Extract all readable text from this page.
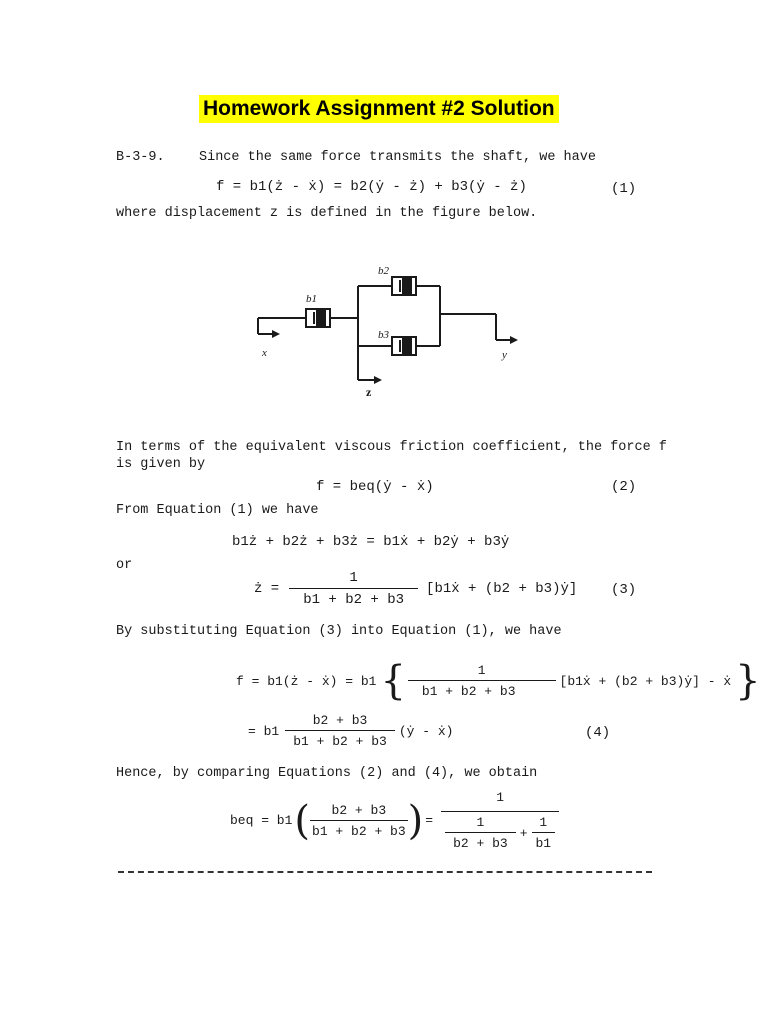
Homework Assignment #2 Solution
B-3-9.	Since the same force transmits the shaft, we have
f = b1(ż - ẋ) = b2(ẏ - ż) + b3(ẏ - ż)	(1)
where displacement z is defined in the figure below.
b1
b2
b3
x	y
z
In terms of the equivalent viscous friction coefficient, the force f
is given by
f = beq(ẏ - ẋ)	(2)
From Equation (1) we have
b1ż + b2ż + b3ż = b1ẋ + b2ẏ + b3ẏ
or
ż = $\frac{1}{b1 + b2 + b3}$ [b1ẋ + (b2 + b3)ẏ] (3)
By substituting Equation (3) into Equation (1), we have
f = b1(ż - ẋ) = b1 { $\frac{1}{b1 + b2 + b3}$ [b1ẋ + (b2 + b3)ẏ] - ẋ }
= $b1 \frac{b2 + b3}{b1 + b2 + b3}$ (ẏ - ẋ)	(4)
Hence, by comparing Equations (2) and (4), we obtain
beq = b1 ( $\frac{b2 + b3}{b1 + b2 + b3}$ ) = $\frac{1}{\frac{1}{b2 + b3} + \frac{1}{b1}}$
